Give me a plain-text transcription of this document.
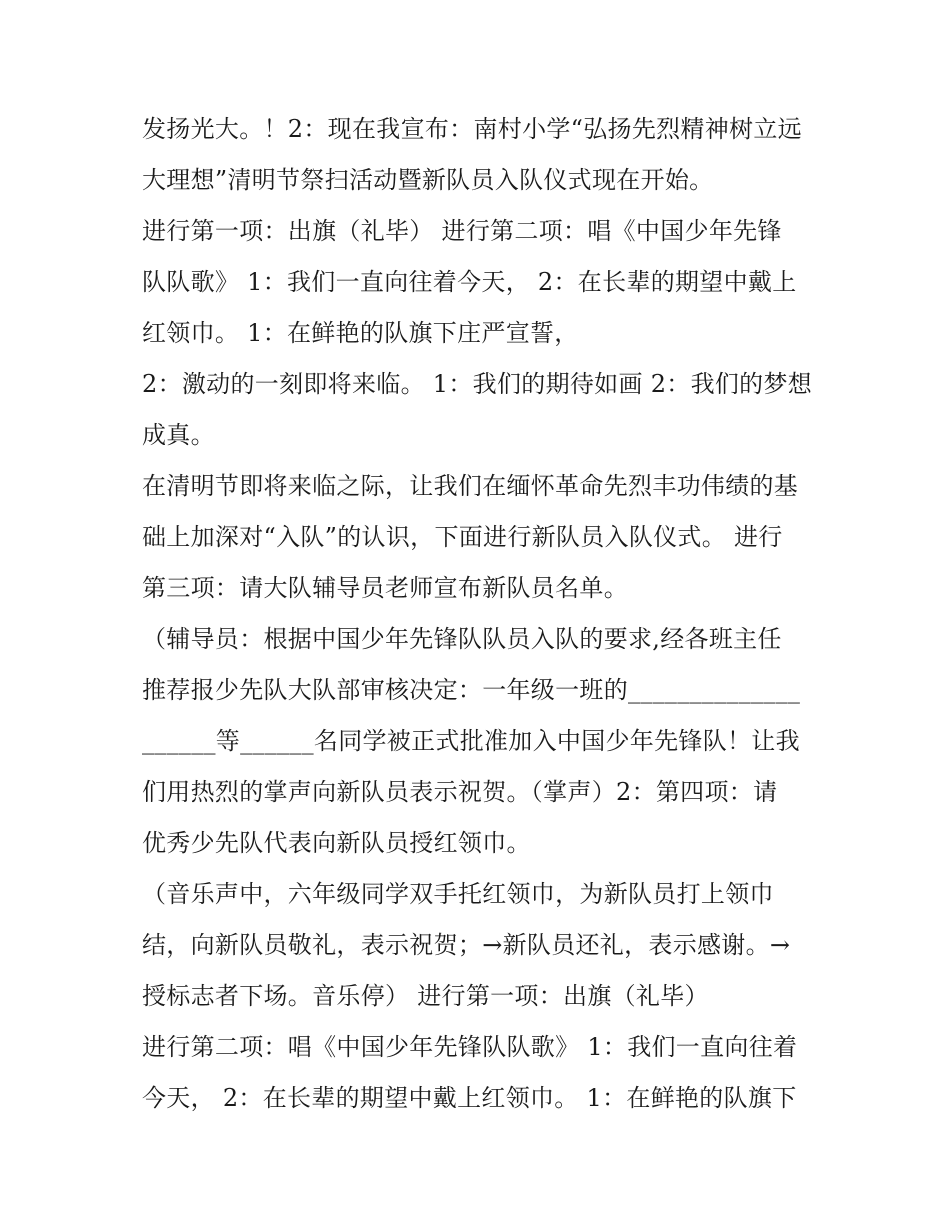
发扬光大。！2：现在我宣布：南村小学“弘扬先烈精神树立远
大理想”清明节祭扫活动暨新队员入队仪式现在开始。
进行第一项：出旗（礼毕） 进行第二项：唱《中国少年先锋
队队歌》 1：我们一直向往着今天， 2：在长辈的期望中戴上
红领巾。 1：在鲜艳的队旗下庄严宣誓，
2：激动的一刻即将来临。 1：我们的期待如画 2：我们的梦想
成真。
在清明节即将来临之际，让我们在缅怀革命先烈丰功伟绩的基
础上加深对“入队”的认识，下面进行新队员入队仪式。 进行
第三项：请大队辅导员老师宣布新队员名单。
（辅导员：根据中国少年先锋队队员入队的要求,经各班主任
推荐报少先队大队部审核决定：一年级一班的______________
______等______名同学被正式批准加入中国少年先锋队！让我
们用热烈的掌声向新队员表示祝贺。（掌声）2：第四项：请
优秀少先队代表向新队员授红领巾。
（音乐声中，六年级同学双手托红领巾，为新队员打上领巾
结，向新队员敬礼，表示祝贺；→新队员还礼，表示感谢。→
授标志者下场。音乐停） 进行第一项：出旗（礼毕）
进行第二项：唱《中国少年先锋队队歌》 1：我们一直向往着
今天， 2：在长辈的期望中戴上红领巾。 1：在鲜艳的队旗下
